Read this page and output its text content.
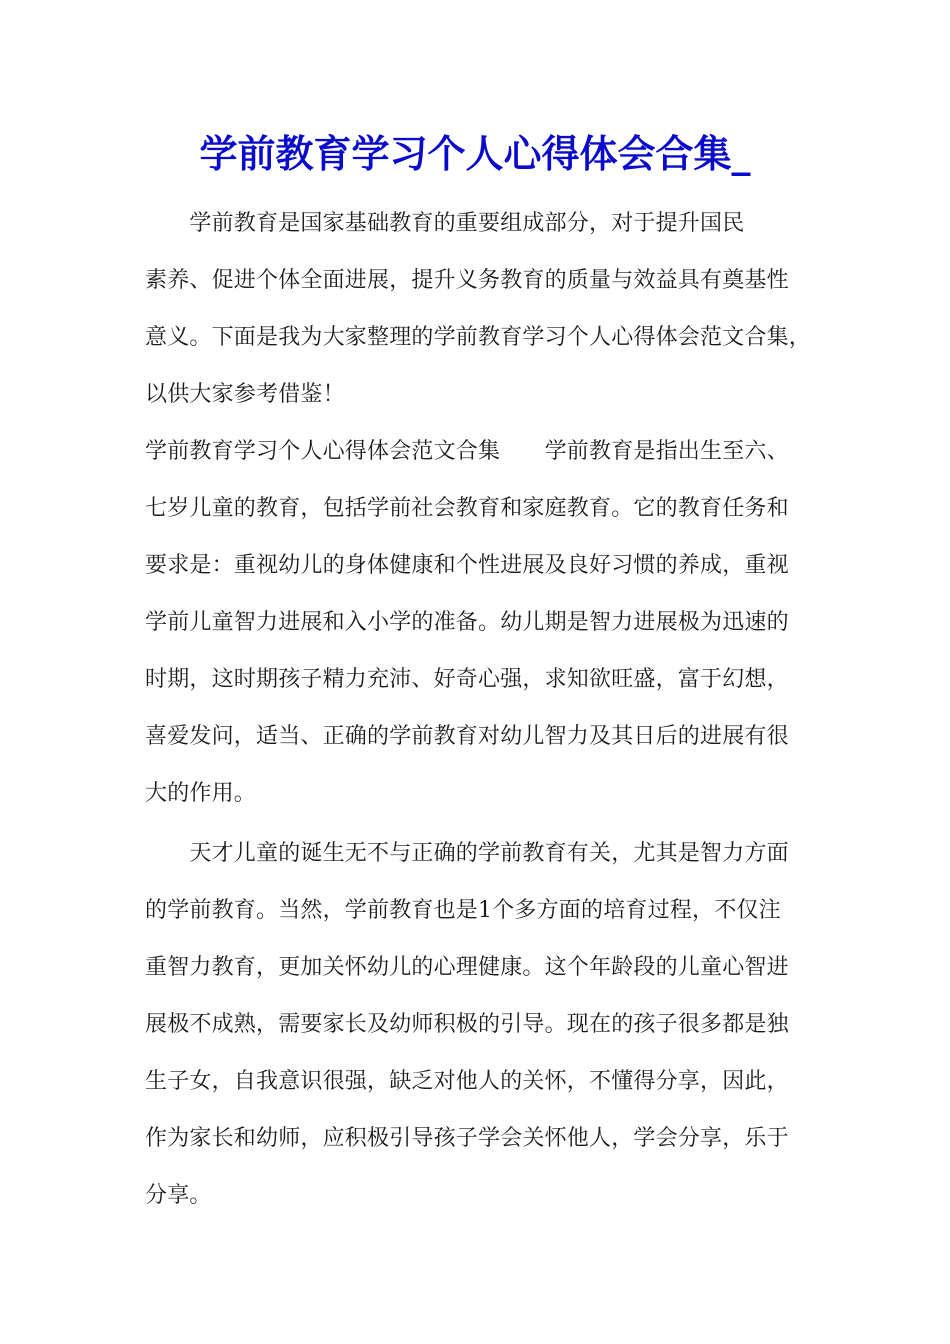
学前教育学习个人心得体会合集_
　　学前教育是国家基础教育的重要组成部分，对于提升国民
素养、促进个体全面进展，提升义务教育的质量与效益具有奠基性
意义。下面是我为大家整理的学前教育学习个人心得体会范文合集，
以供大家参考借鉴！
学前教育学习个人心得体会范文合集　　学前教育是指出生至六、
七岁儿童的教育，包括学前社会教育和家庭教育。它的教育任务和
要求是：重视幼儿的身体健康和个性进展及良好习惯的养成，重视
学前儿童智力进展和入小学的准备。幼儿期是智力进展极为迅速的
时期，这时期孩子精力充沛、好奇心强，求知欲旺盛，富于幻想，
喜爱发问，适当、正确的学前教育对幼儿智力及其日后的进展有很
大的作用。
　　天才儿童的诞生无不与正确的学前教育有关，尤其是智力方面
的学前教育。当然，学前教育也是1个多方面的培育过程，不仅注
重智力教育，更加关怀幼儿的心理健康。这个年龄段的儿童心智进
展极不成熟，需要家长及幼师积极的引导。现在的孩子很多都是独
生子女，自我意识很强，缺乏对他人的关怀，不懂得分享，因此，
作为家长和幼师，应积极引导孩子学会关怀他人，学会分享，乐于
分享。
